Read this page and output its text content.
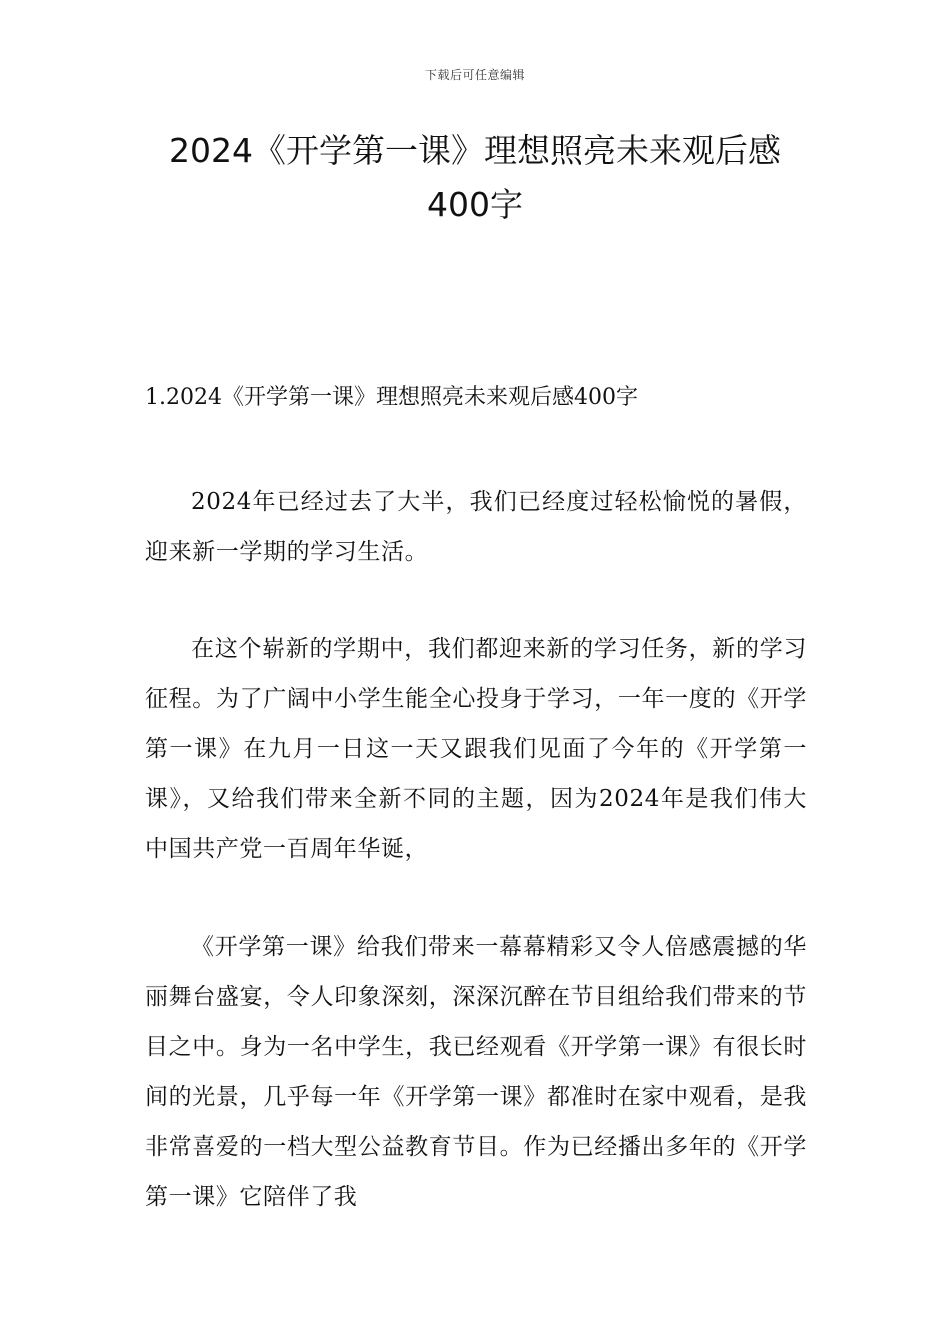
下载后可任意编辑
2024《开学第一课》理想照亮未来观后感
400字
1.2024《开学第一课》理想照亮未来观后感400字

2024年已经过去了大半，我们已经度过轻松愉悦的暑假，迎来新一学期的学习生活。

在这个崭新的学期中，我们都迎来新的学习任务，新的学习征程。为了广阔中小学生能全心投身于学习，一年一度的《开学第一课》在九月一日这一天又跟我们见面了今年的《开学第一课》，又给我们带来全新不同的主题，因为2024年是我们伟大中国共产党一百周年华诞，

《开学第一课》给我们带来一幕幕精彩又令人倍感震撼的华丽舞台盛宴，令人印象深刻，深深沉醉在节目组给我们带来的节目之中。身为一名中学生，我已经观看《开学第一课》有很长时间的光景，几乎每一年《开学第一课》都准时在家中观看，是我非常喜爱的一档大型公益教育节目。作为已经播出多年的《开学第一课》它陪伴了我
